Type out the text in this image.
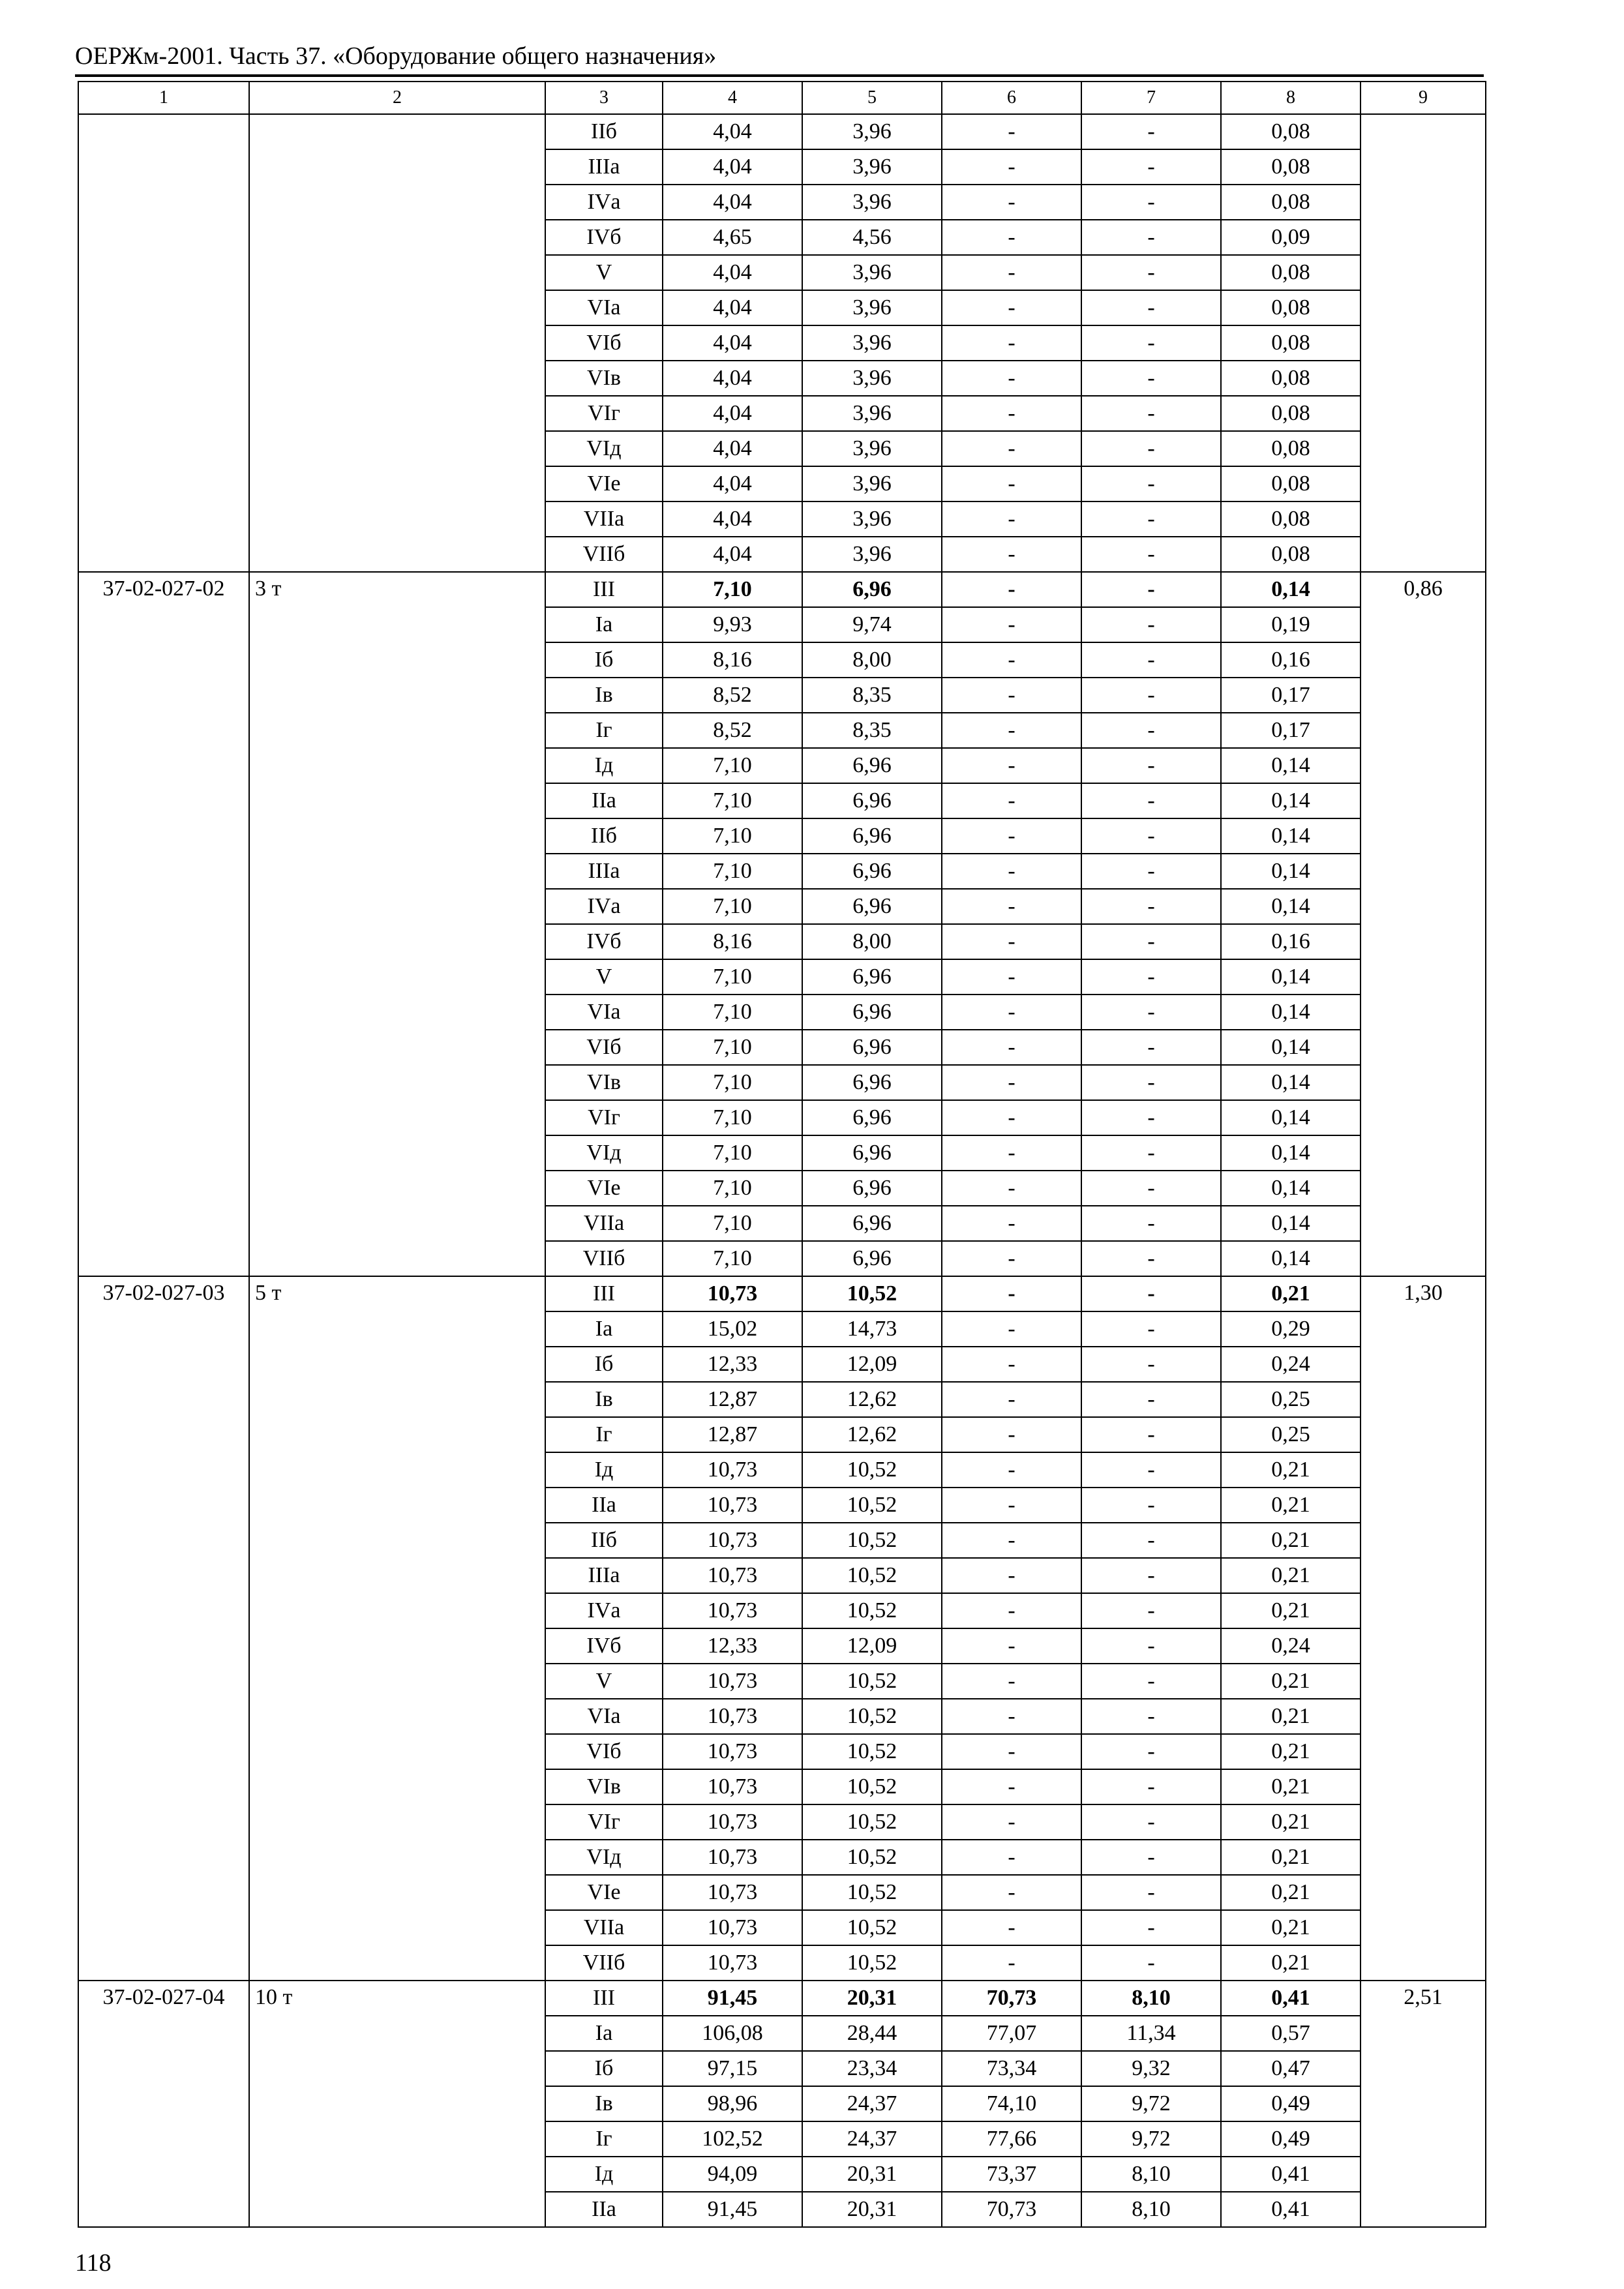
ОЕРЖм-2001. Часть 37. «Оборудование общего назначения»
1	2	3	4	5	6	7	8	9
		IIб	4,04	3,96	-	-	0,08	
		IIIа	4,04	3,96	-	-	0,08	
		IVа	4,04	3,96	-	-	0,08	
		IVб	4,65	4,56	-	-	0,09	
		V	4,04	3,96	-	-	0,08	
		VIа	4,04	3,96	-	-	0,08	
		VIб	4,04	3,96	-	-	0,08	
		VIв	4,04	3,96	-	-	0,08	
		VIг	4,04	3,96	-	-	0,08	
		VIд	4,04	3,96	-	-	0,08	
		VIе	4,04	3,96	-	-	0,08	
		VIIа	4,04	3,96	-	-	0,08	
		VIIб	4,04	3,96	-	-	0,08	
37-02-027-02	3 т	III	7,10	6,96	-	-	0,14	0,86
		Iа	9,93	9,74	-	-	0,19	
		Iб	8,16	8,00	-	-	0,16	
		Iв	8,52	8,35	-	-	0,17	
		Iг	8,52	8,35	-	-	0,17	
		Iд	7,10	6,96	-	-	0,14	
		IIа	7,10	6,96	-	-	0,14	
		IIб	7,10	6,96	-	-	0,14	
		IIIа	7,10	6,96	-	-	0,14	
		IVа	7,10	6,96	-	-	0,14	
		IVб	8,16	8,00	-	-	0,16	
		V	7,10	6,96	-	-	0,14	
		VIа	7,10	6,96	-	-	0,14	
		VIб	7,10	6,96	-	-	0,14	
		VIв	7,10	6,96	-	-	0,14	
		VIг	7,10	6,96	-	-	0,14	
		VIд	7,10	6,96	-	-	0,14	
		VIе	7,10	6,96	-	-	0,14	
		VIIа	7,10	6,96	-	-	0,14	
		VIIб	7,10	6,96	-	-	0,14	
37-02-027-03	5 т	III	10,73	10,52	-	-	0,21	1,30
		Iа	15,02	14,73	-	-	0,29	
		Iб	12,33	12,09	-	-	0,24	
		Iв	12,87	12,62	-	-	0,25	
		Iг	12,87	12,62	-	-	0,25	
		Iд	10,73	10,52	-	-	0,21	
		IIа	10,73	10,52	-	-	0,21	
		IIб	10,73	10,52	-	-	0,21	
		IIIа	10,73	10,52	-	-	0,21	
		IVа	10,73	10,52	-	-	0,21	
		IVб	12,33	12,09	-	-	0,24	
		V	10,73	10,52	-	-	0,21	
		VIа	10,73	10,52	-	-	0,21	
		VIб	10,73	10,52	-	-	0,21	
		VIв	10,73	10,52	-	-	0,21	
		VIг	10,73	10,52	-	-	0,21	
		VIд	10,73	10,52	-	-	0,21	
		VIе	10,73	10,52	-	-	0,21	
		VIIа	10,73	10,52	-	-	0,21	
		VIIб	10,73	10,52	-	-	0,21	
37-02-027-04	10 т	III	91,45	20,31	70,73	8,10	0,41	2,51
		Iа	106,08	28,44	77,07	11,34	0,57	
		Iб	97,15	23,34	73,34	9,32	0,47	
		Iв	98,96	24,37	74,10	9,72	0,49	
		Iг	102,52	24,37	77,66	9,72	0,49	
		Iд	94,09	20,31	73,37	8,10	0,41	
		IIа	91,45	20,31	70,73	8,10	0,41	
118
